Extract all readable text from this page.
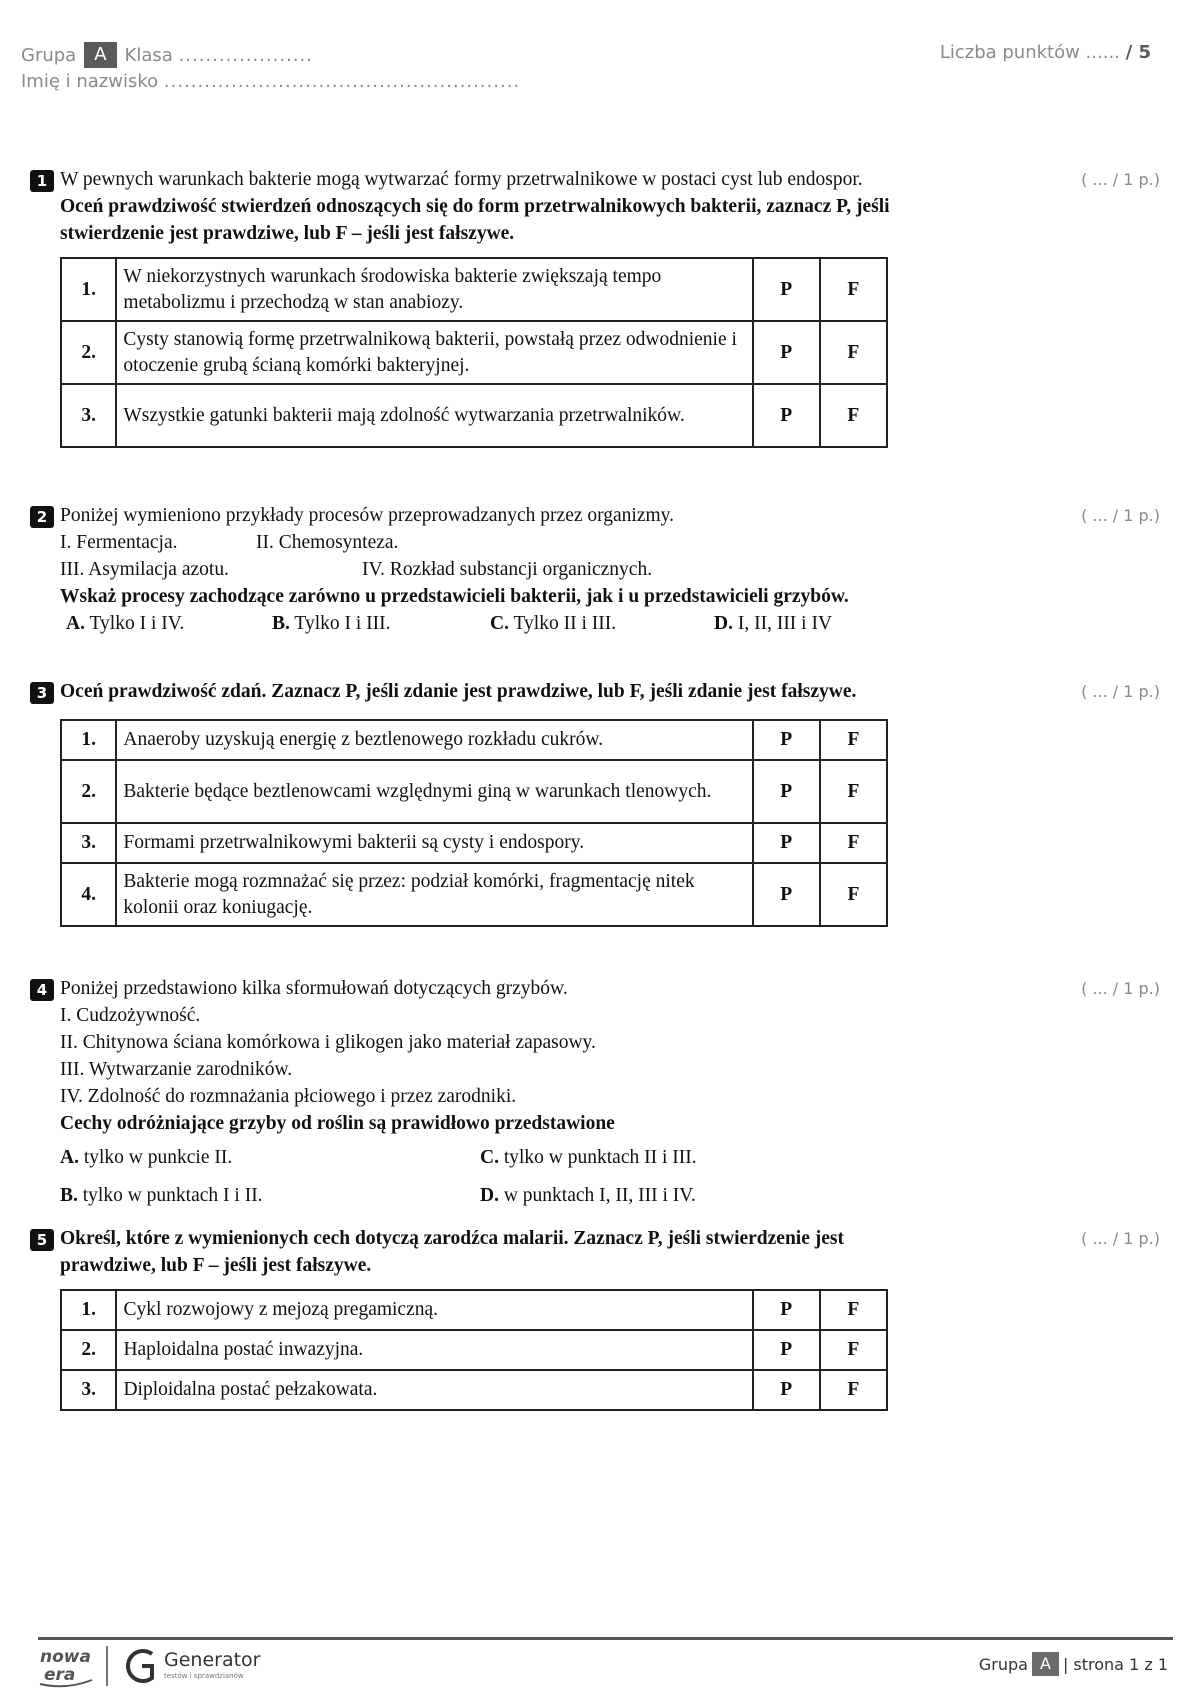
Grupa	A	Klasa
....................
Imię i nazwisko
.....................................................
Liczba punktów ...... / 5
1	( ... / 1 p.)

W pewnych warunkach bakterie mogą wytwarzać formy przetrwalnikowe w postaci cyst lub endospor.

Oceń prawdziwość stwierdzeń odnoszących się do form przetrwalnikowych bakterii, zaznacz P, jeśli stwierdzenie jest prawdziwe, lub F – jeśli jest fałszywe.

1.	W niekorzystnych warunkach środowiska bakterie zwiększają tempo metabolizmu i przechodzą w stan anabiozy.	P	F
2.	Cysty stanowią formę przetrwalnikową bakterii, powstałą przez odwodnienie i otoczenie grubą ścianą komórki bakteryjnej.	P	F
3.	Wszystkie gatunki bakterii mają zdolność wytwarzania przetrwalników.	P	F
2	( ... / 1 p.)

Poniżej wymieniono przykłady procesów przeprowadzanych przez organizmy.

I. Fermentacja.	II. Chemosynteza.

III. Asymilacja azotu.	IV. Rozkład substancji organicznych.

Wskaż procesy zachodzące zarówno u przedstawicieli bakterii, jak i u przedstawicieli grzybów.

A. Tylko I i IV.	B. Tylko I i III.	C. Tylko II i III.	D. I, II, III i IV
3	( ... / 1 p.)

Oceń prawdziwość zdań. Zaznacz P, jeśli zdanie jest prawdziwe, lub F, jeśli zdanie jest fałszywe.

1.	Anaeroby uzyskują energię z beztlenowego rozkładu cukrów.	P	F
2.	Bakterie będące beztlenowcami względnymi giną w warunkach tlenowych.	P	F
3.	Formami przetrwalnikowymi bakterii są cysty i endospory.	P	F
4.	Bakterie mogą rozmnażać się przez: podział komórki, fragmentację nitek kolonii oraz koniugację.	P	F
4	( ... / 1 p.)

Poniżej przedstawiono kilka sformułowań dotyczących grzybów.

I. Cudzożywność.

II. Chitynowa ściana komórkowa i glikogen jako materiał zapasowy.

III. Wytwarzanie zarodników.

IV. Zdolność do rozmnażania płciowego i przez zarodniki.

Cechy odróżniające grzyby od roślin są prawidłowo przedstawione

A. tylko w punkcie II.	C. tylko w punktach II i III.
B. tylko w punktach I i II.	D. w punktach I, II, III i IV.
5	( ... / 1 p.)

Określ, które z wymienionych cech dotyczą zarodźca malarii. Zaznacz P, jeśli stwierdzenie jest prawdziwe, lub F – jeśli jest fałszywe.

1.	Cykl rozwojowy z mejozą pregamiczną.	P	F
2.	Haploidalna postać inwazyjna.	P	F
3.	Diploidalna postać pełzakowata.	P	F
nowa
era
Generator
testów i sprawdzianów
Grupa A | strona 1 z 1
